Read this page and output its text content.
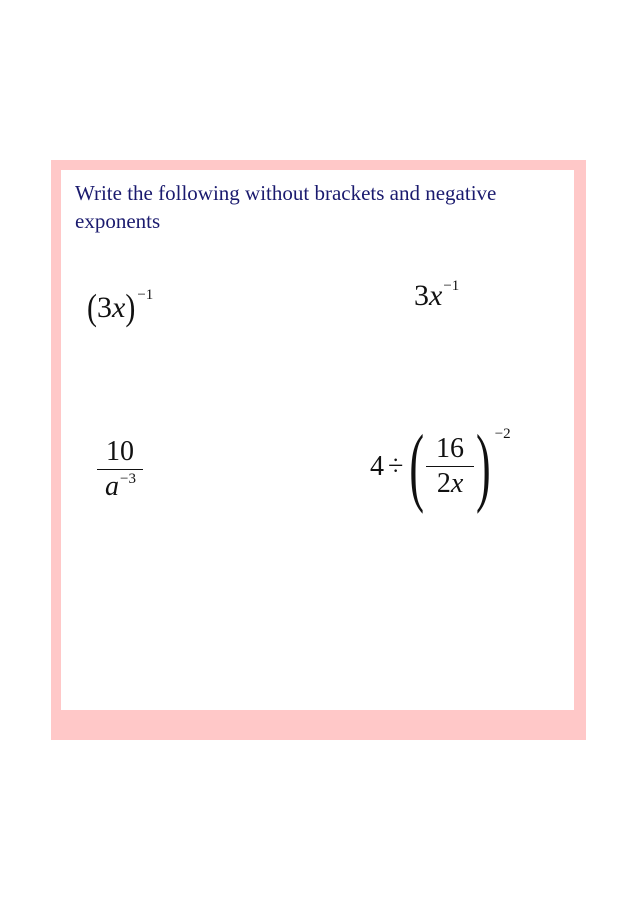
Write the following without brackets and negative exponents

(3x) −1	3x−1
$\frac{10}{a-3}$	4 ÷ ( $\frac{16}{2x}$ ) −2
